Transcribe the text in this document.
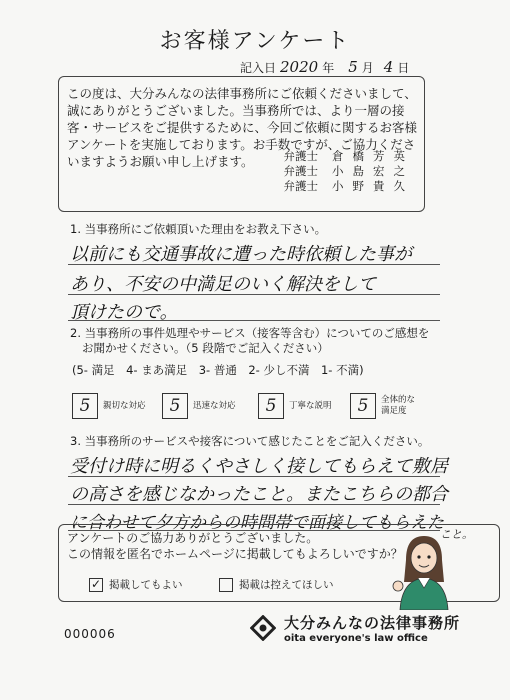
お客様アンケート
記入日 2020 年 5 月 4 日
この度は、大分みんなの法律事務所にご依頼くださいまして、誠にありがとうございました。当事務所では、より一層の接客・サービスをご提供するために、今回ご依頼に関するお客様アンケートを実施しております。お手数ですが、ご協力くださいますようお願い申し上げます。	弁護士 倉橋芳英
弁護士 小島宏之
弁護士 小野貴久
1. 当事務所にご依頼頂いた理由をお教え下さい。
以前にも交通事故に遭った時依頼した事が
あり、不安の中満足のいく解決をして
頂けたので。
2. 当事務所の事件処理やサービス（接客等含む）についてのご感想を
お聞かせください。（5 段階でご記入ください）
(5- 満足　4- まあ満足　3- 普通　2- 少し不満　1- 不満)
5	親切な対応	5	迅速な対応	5	丁寧な説明	5	全体的な
満足度
3. 当事務所のサービスや接客について感じたことをご記入ください。
受付け時に明るくやさしく接してもらえて敷居
の高さを感じなかったこと。またこちらの都合
に合わせて夕方からの時間帯で面接してもらえた
こと。
アンケートのご協力ありがとうございました。
この情報を匿名でホームページに掲載してもよろしいですか？
✓ 掲載してもよい	掲載は控えてほしい
000006
大分みんなの法律事務所
oita everyone's law office
